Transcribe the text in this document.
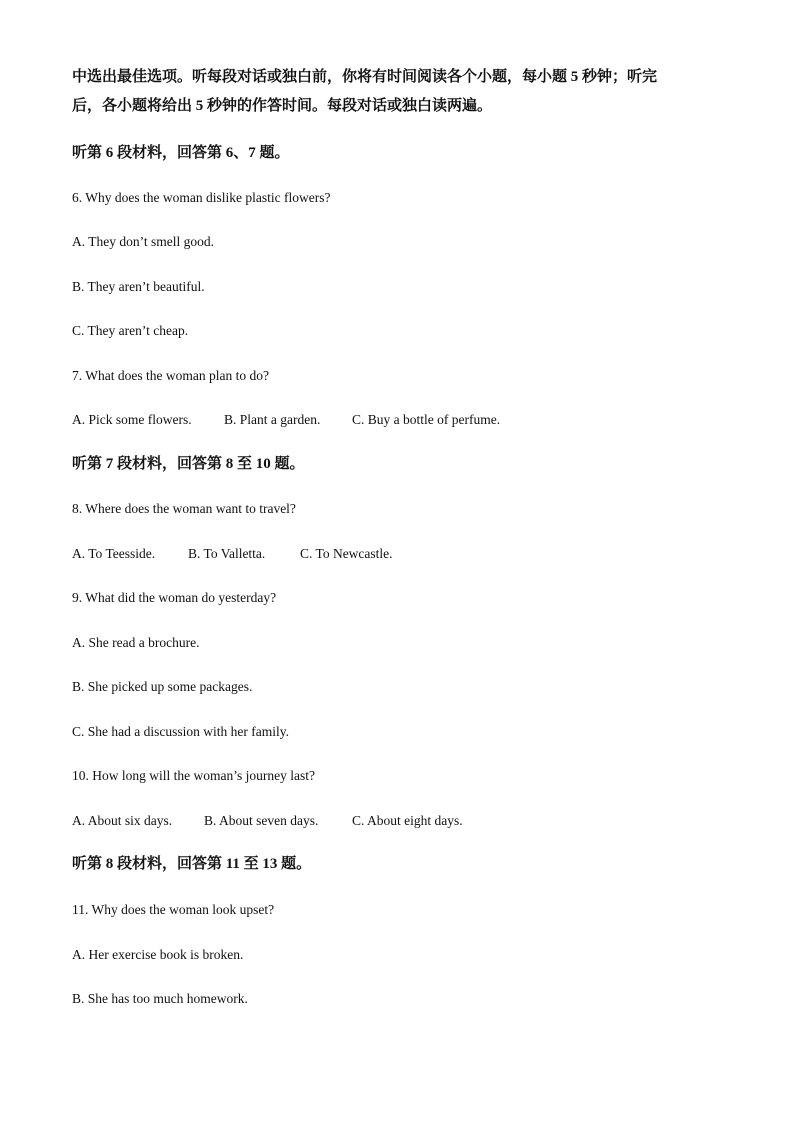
中选出最佳选项。听每段对话或独白前，你将有时间阅读各个小题，每小题 5 秒钟；听完
后，各小题将给出 5 秒钟的作答时间。每段对话或独白读两遍。
听第 6 段材料，回答第 6、7 题。
6. Why does the woman dislike plastic flowers?
A. They don’t smell good.
B. They aren’t beautiful.
C. They aren’t cheap.
7. What does the woman plan to do?
A. Pick some flowers. B. Plant a garden. C. Buy a bottle of perfume.
听第 7 段材料，回答第 8 至 10 题。
8. Where does the woman want to travel?
A. To Teesside. B. To Valletta.	C. To Newcastle.
9. What did the woman do yesterday?
A. She read a brochure.
B. She picked up some packages.
C. She had a discussion with her family.
10. How long will the woman’s journey last?
A. About six days. B. About seven days. C. About eight days.
听第 8 段材料，回答第 11 至 13 题。
11. Why does the woman look upset?
A. Her exercise book is broken.
B. She has too much homework.
